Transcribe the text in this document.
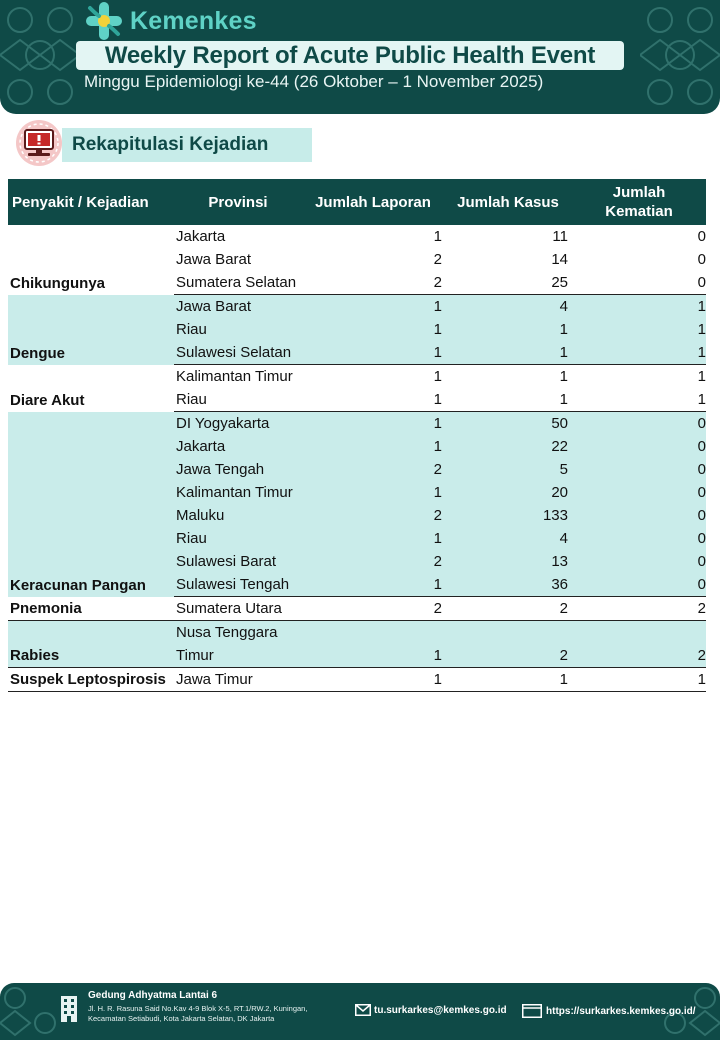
Kemenkes
Weekly Report of Acute Public Health Event
Minggu Epidemiologi ke-44 (26 Oktober – 1 November 2025)
Rekapitulasi Kejadian
Penyakit / Kejadian	Provinsi	Jumlah Laporan	Jumlah Kasus	Jumlah
Kematian

Chikungunya	Jakarta	1	11	0
	Jawa Barat	2	14	0
	Sumatera Selatan	2	25	0
Dengue	Jawa Barat	1	4	1
	Riau	1	1	1
	Sulawesi Selatan	1	1	1
Diare Akut	Kalimantan Timur	1	1	1
	Riau	1	1	1
Keracunan Pangan	DI Yogyakarta	1	50	0
	Jakarta	1	22	0
	Jawa Tengah	2	5	0
	Kalimantan Timur	1	20	0
	Maluku	2	133	0
	Riau	1	4	0
	Sulawesi Barat	2	13	0
	Sulawesi Tengah	1	36	0
Pnemonia	Sumatera Utara	2	2	2
Rabies	Nusa Tenggara Timur	1	2	2
Suspek Leptospirosis	Jawa Timur	1	1	1
Gedung Adhyatma Lantai 6
Jl. H. R. Rasuna Said No.Kav 4-9 Blok X-5, RT.1/RW.2, Kuningan, Kecamatan Setiabudi, Kota Jakarta Selatan, DK Jakarta
tu.surkarkes@kemkes.go.id	https://surkarkes.kemkes.go.id/
